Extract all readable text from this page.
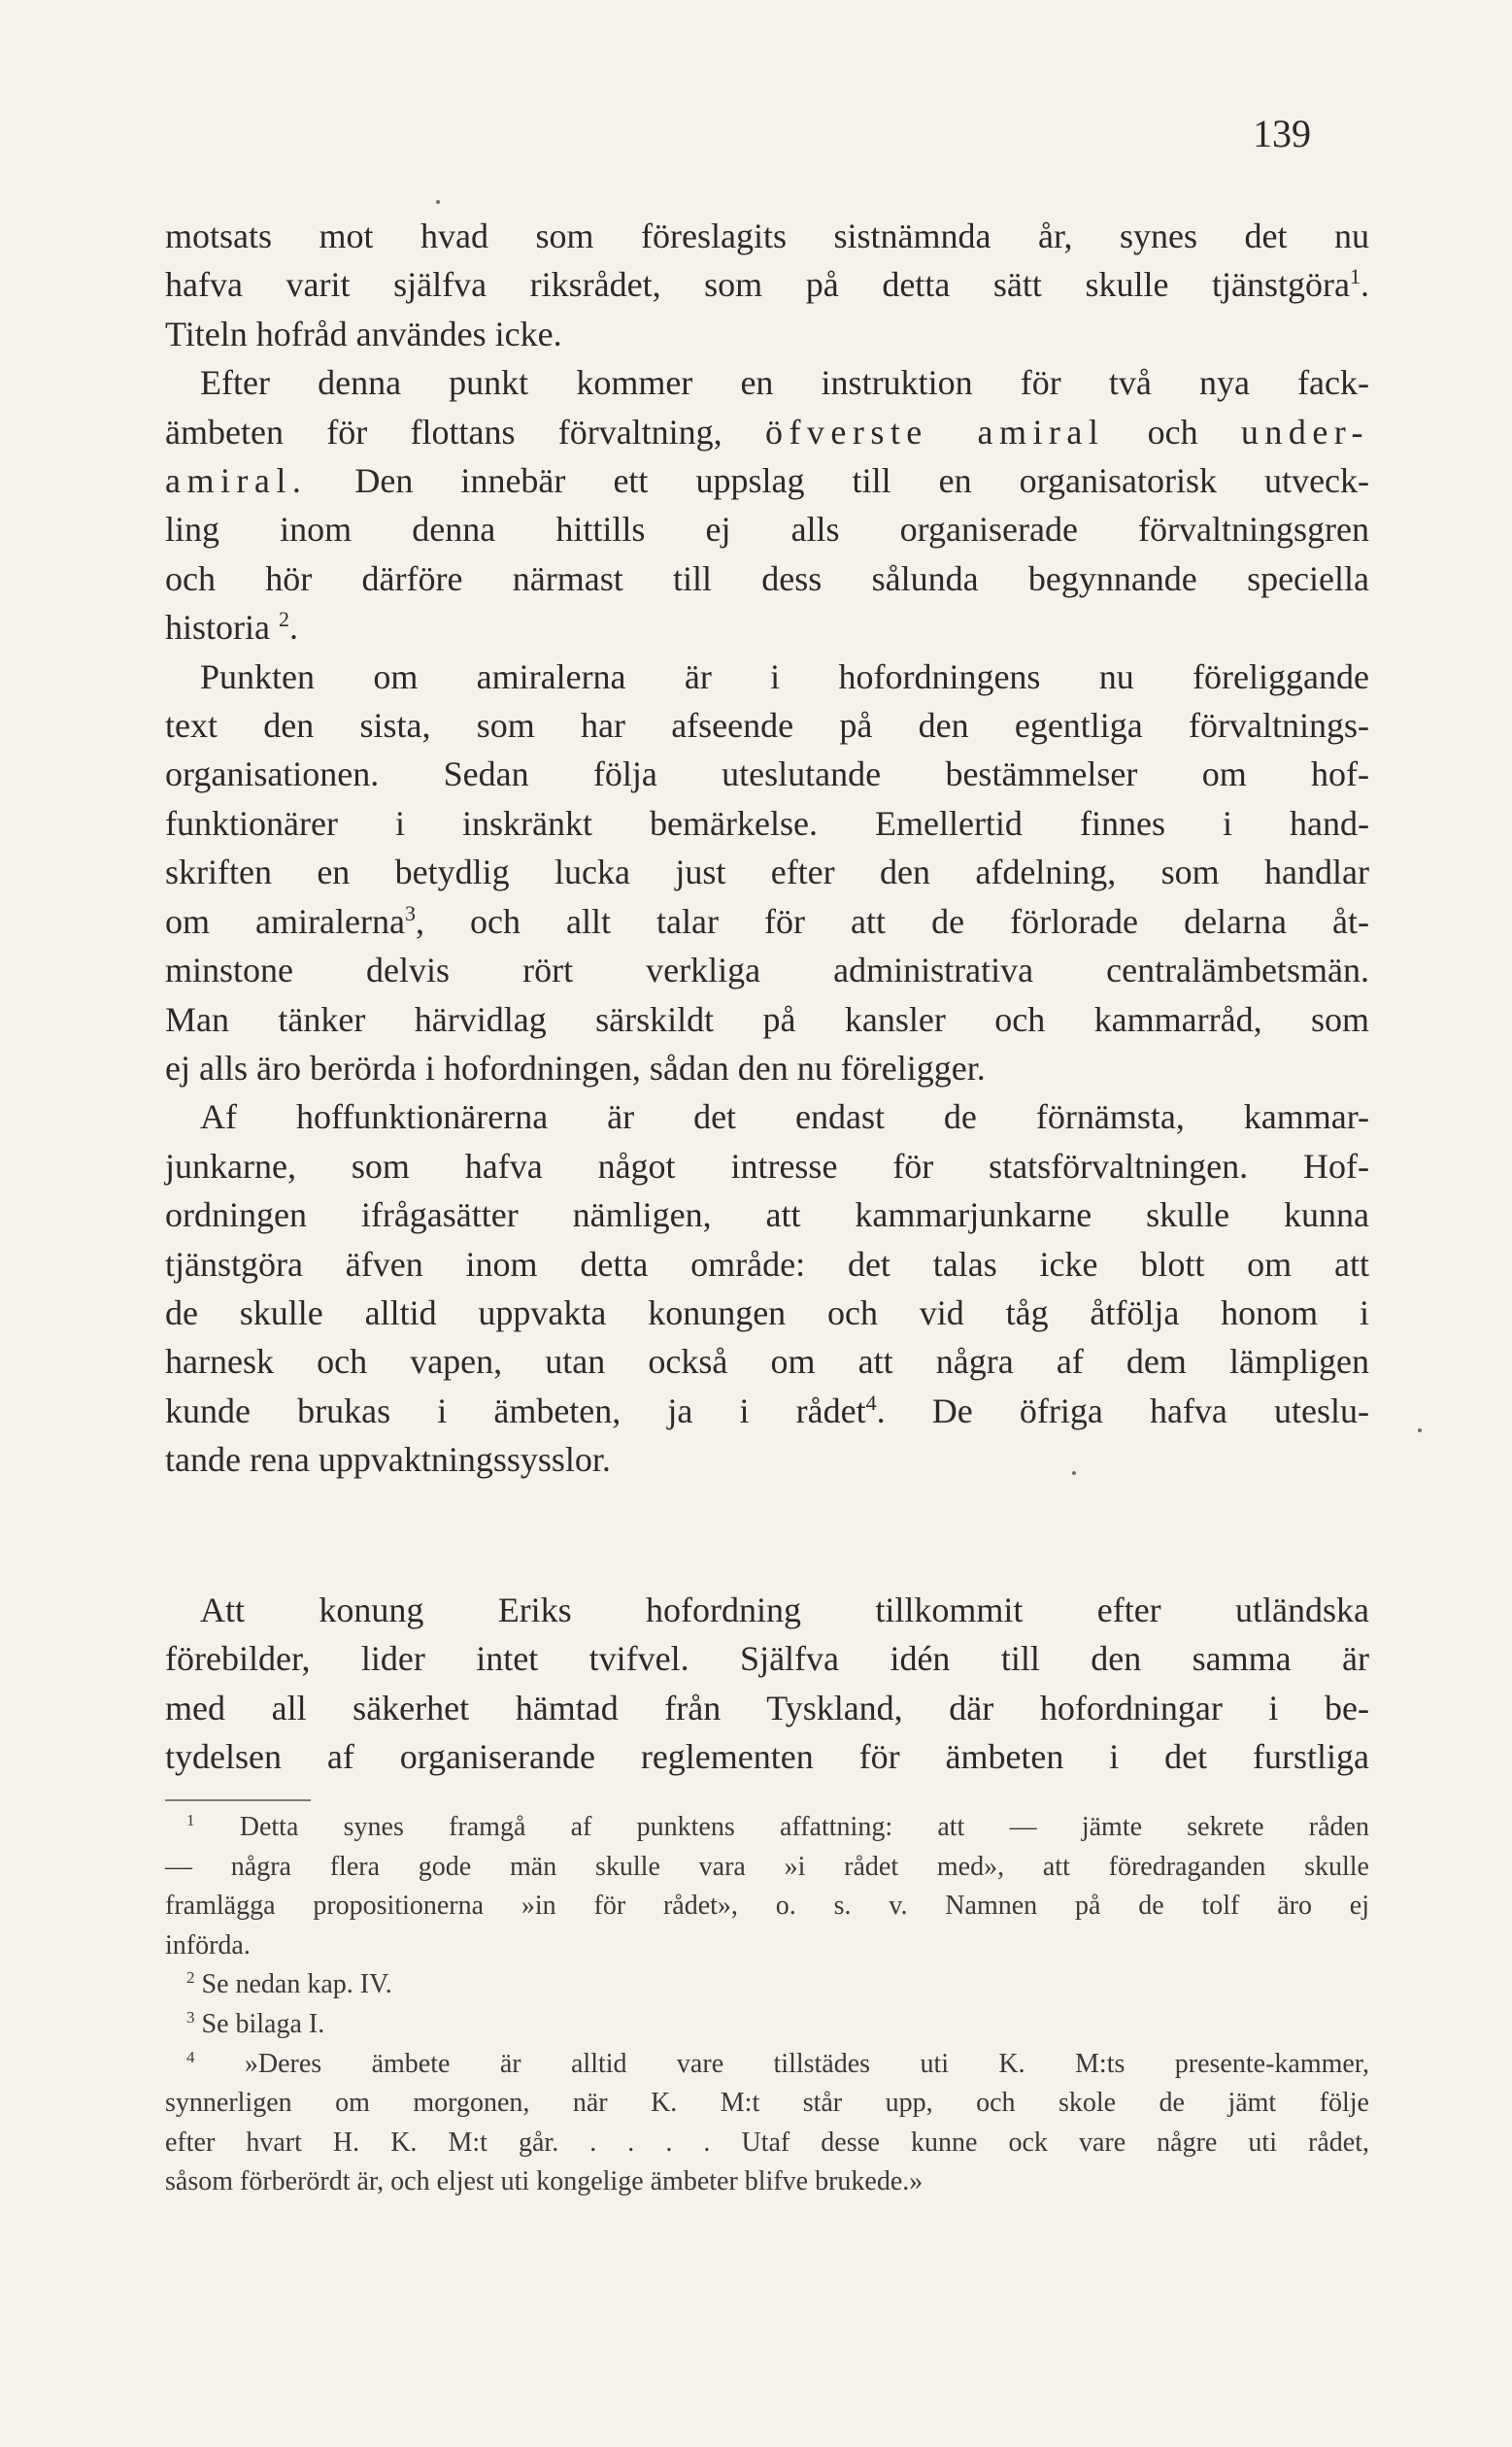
139
motsats mot hvad som föreslagits sistnämnda år, synes det nu
hafva varit själfva riksrådet, som på detta sätt skulle tjänstgöra$^1$.
Titeln hofråd användes icke.
 Efter denna punkt kommer en instruktion för två nya fack-
ämbeten för flottans förvaltning, öfverste amiral och under-
amiral. Den innebär ett uppslag till en organisatorisk utveck-
ling inom denna hittills ej alls organiserade förvaltningsgren
och hör därföre närmast till dess sålunda begynnande speciella
historia $^2$.
 Punkten om amiralerna är i hofordningens nu föreliggande
text den sista, som har afseende på den egentliga förvaltnings-
organisationen. Sedan följa uteslutande bestämmelser om hof-
funktionärer i inskränkt bemärkelse. Emellertid finnes i hand-
skriften en betydlig lucka just efter den afdelning, som handlar
om amiralerna$^3$, och allt talar för att de förlorade delarna åt-
minstone delvis rört verkliga administrativa centralämbetsmän.
Man tänker härvidlag särskildt på kansler och kammarråd, som
ej alls äro berörda i hofordningen, sådan den nu föreligger.
 Af hoffunktionärerna är det endast de förnämsta, kammar-
junkarne, som hafva något intresse för statsförvaltningen. Hof-
ordningen ifrågasätter nämligen, att kammarjunkarne skulle kunna
tjänstgöra äfven inom detta område: det talas icke blott om att
de skulle alltid uppvakta konungen och vid tåg åtfölja honom i
harnesk och vapen, utan också om att några af dem lämpligen
kunde brukas i ämbeten, ja i rådet$^4$. De öfriga hafva uteslu-
tande rena uppvaktningssysslor.
 Att konung Eriks hofordning tillkommit efter utländska
förebilder, lider intet tvifvel. Själfva idén till den samma är
med all säkerhet hämtad från Tyskland, där hofordningar i be-
tydelsen af organiserande reglementen för ämbeten i det furstliga
$^1$ Detta synes framgå af punktens affattning: att — jämte sekrete råden
— några flera gode män skulle vara »i rådet med», att föredraganden skulle
framlägga propositionerna »in för rådet», o. s. v. Namnen på de tolf äro ej
införda.
$^2$ Se nedan kap. IV.
$^3$ Se bilaga I.
$^4$ »Deres ämbete är alltid vare tillstädes uti K. M:ts presente-kammer,
synnerligen om morgonen, när K. M:t står upp, och skole de jämt följe
efter hvart H. K. M:t går. . . . . Utaf desse kunne ock vare någre uti rådet,
såsom förberördt är, och eljest uti kongelige ämbeter blifve brukede.»
